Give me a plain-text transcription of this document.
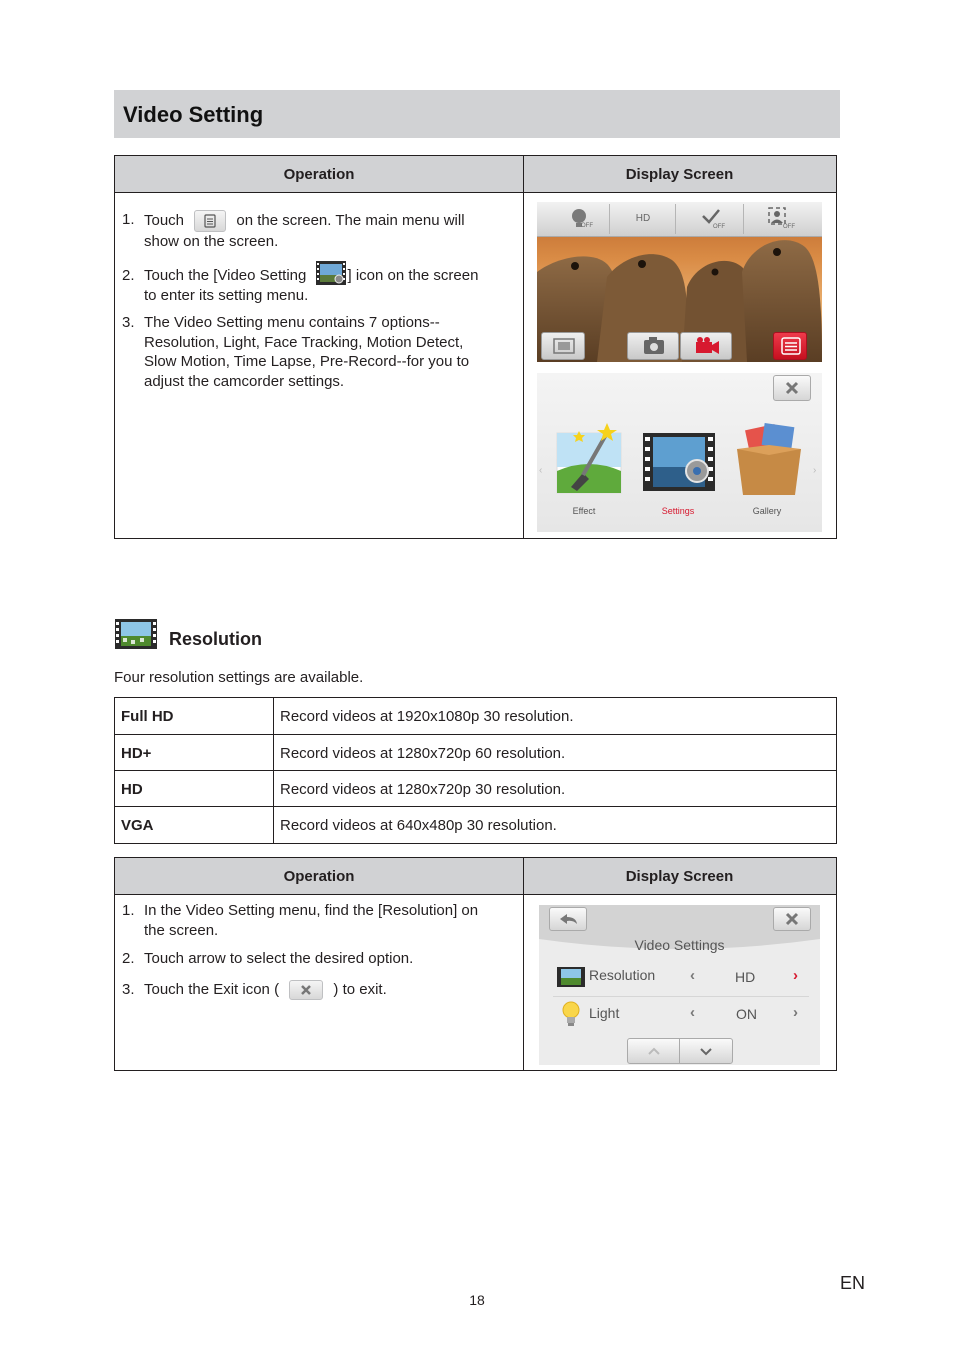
Video Setting
Operation	Display Screen
1. Touch	on the screen. The main menu will
show on the screen.
2. Touch the [Video Setting	] icon on the screen
to enter its setting menu.
3. The Video Setting menu contains 7 options--
Resolution, Light, Face Tracking, Motion Detect,
Slow Motion, Time Lapse, Pre-Record--for you to
adjust the camcorder settings.
OFF
HD
OFF	OFF
‹	›
Effect	Settings	Gallery
Resolution
Four resolution settings are available.
Full HD	Record videos at 1920x1080p 30 resolution.
HD+	Record videos at 1280x720p 60 resolution.
HD	Record videos at 1280x720p 30 resolution.
VGA	Record videos at 640x480p 30 resolution.
Operation	Display Screen
1. In the Video Setting menu, find the [Resolution] on
the screen.
2. Touch arrow to select the desired option.
3. Touch the Exit icon (	) to exit.
Video Settings
Resolution ‹	HD	›
Light	‹	ON ›
EN
18
